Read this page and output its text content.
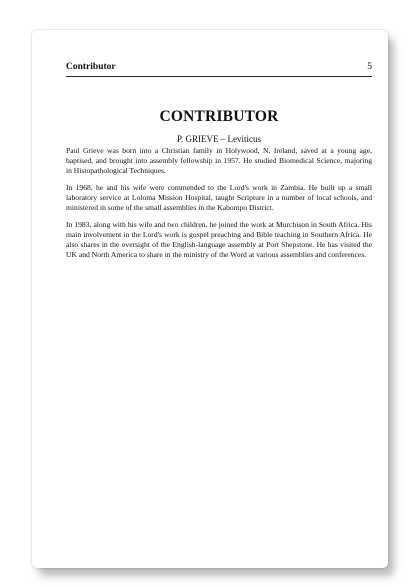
Contributor	5
CONTRIBUTOR
P. GRIEVE – Leviticus

Paul Grieve was born into a Christian family in Holywood, N. Ireland, saved at a young age, baptised, and brought into assembly fellowship in 1957. He studied Biomedical Science, majoring in Histopathological Techniques.

In 1968, he and his wife were commended to the Lord's work in Zambia. He built up a small laboratory service at Loloma Mission Hospital, taught Scripture in a number of local schools, and ministered in some of the small assemblies in the Kabompo District.

In 1983, along with his wife and two children, he joined the work at Murchison in South Africa. His main involvement in the Lord's work is gospel preaching and Bible teaching in Southern Africa. He also shares in the oversight of the English-language assembly at Port Shepstone. He has visited the UK and North America to share in the ministry of the Word at various assemblies and conferences.
